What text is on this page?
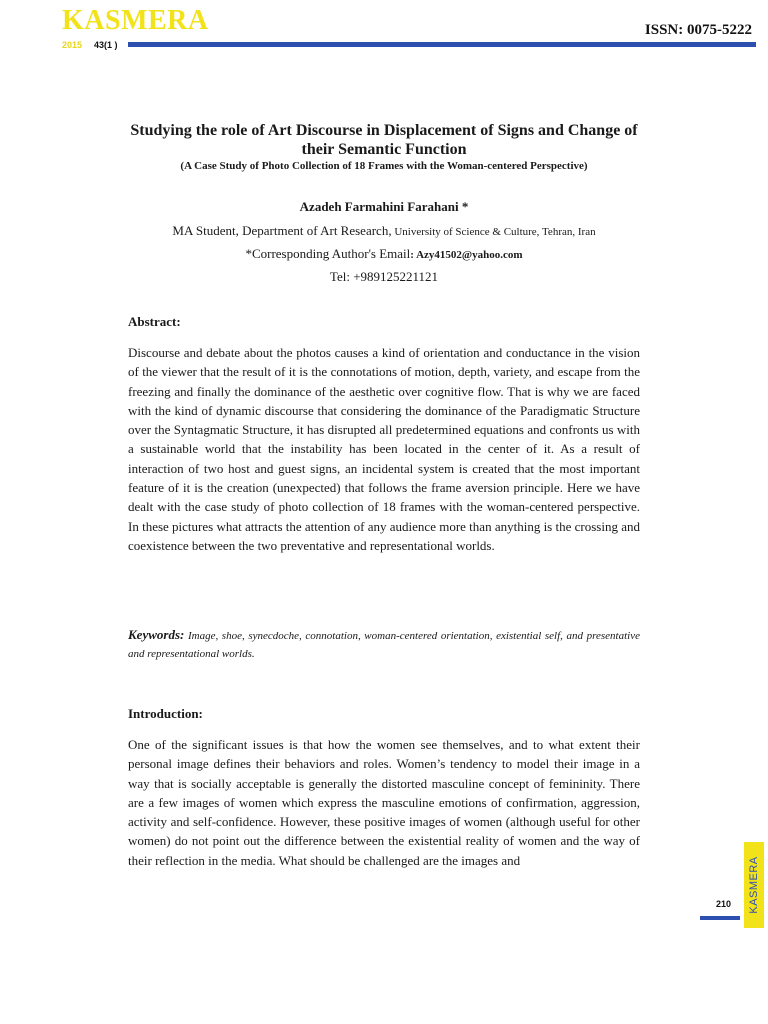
KASMERA	ISSN: 0075-5222
2015 43(1 )
Studying the role of Art Discourse in Displacement of Signs and Change of their Semantic Function
(A Case Study of Photo Collection of 18 Frames with the Woman-centered Perspective)
Azadeh Farmahini Farahani *
MA Student, Department of Art Research, University of Science & Culture, Tehran, Iran
*Corresponding Author's Email: Azy41502@yahoo.com
Tel: +989125221121
Abstract:
Discourse and debate about the photos causes a kind of orientation and conductance in the vision of the viewer that the result of it is the connotations of motion, depth, variety, and escape from the freezing and finally the dominance of the aesthetic over cognitive flow. That is why we are faced with the kind of dynamic discourse that considering the dominance of the Paradigmatic Structure over the Syntagmatic Structure, it has disrupted all predetermined equations and confronts us with a sustainable world that the instability has been located in the center of it. As a result of interaction of two host and guest signs, an incidental system is created that the most important feature of it is the creation (unexpected) that follows the frame aversion principle. Here we have dealt with the case study of photo collection of 18 frames with the woman-centered perspective. In these pictures what attracts the attention of any audience more than anything is the crossing and coexistence between the two preventative and representational worlds.
Keywords: Image, shoe, synecdoche, connotation, woman-centered orientation, existential self, and presentative and representational worlds.
Introduction:
One of the significant issues is that how the women see themselves, and to what extent their personal image defines their behaviors and roles. Women’s tendency to model their image in a way that is socially acceptable is generally the distorted masculine concept of femininity. There are a few images of women which express the masculine emotions of confirmation, aggression, activity and self-confidence. However, these positive images of women (although useful for other women) do not point out the difference between the existential reality of women and the way of their reflection in the media. What should be challenged are the images and	KASMERA
210
